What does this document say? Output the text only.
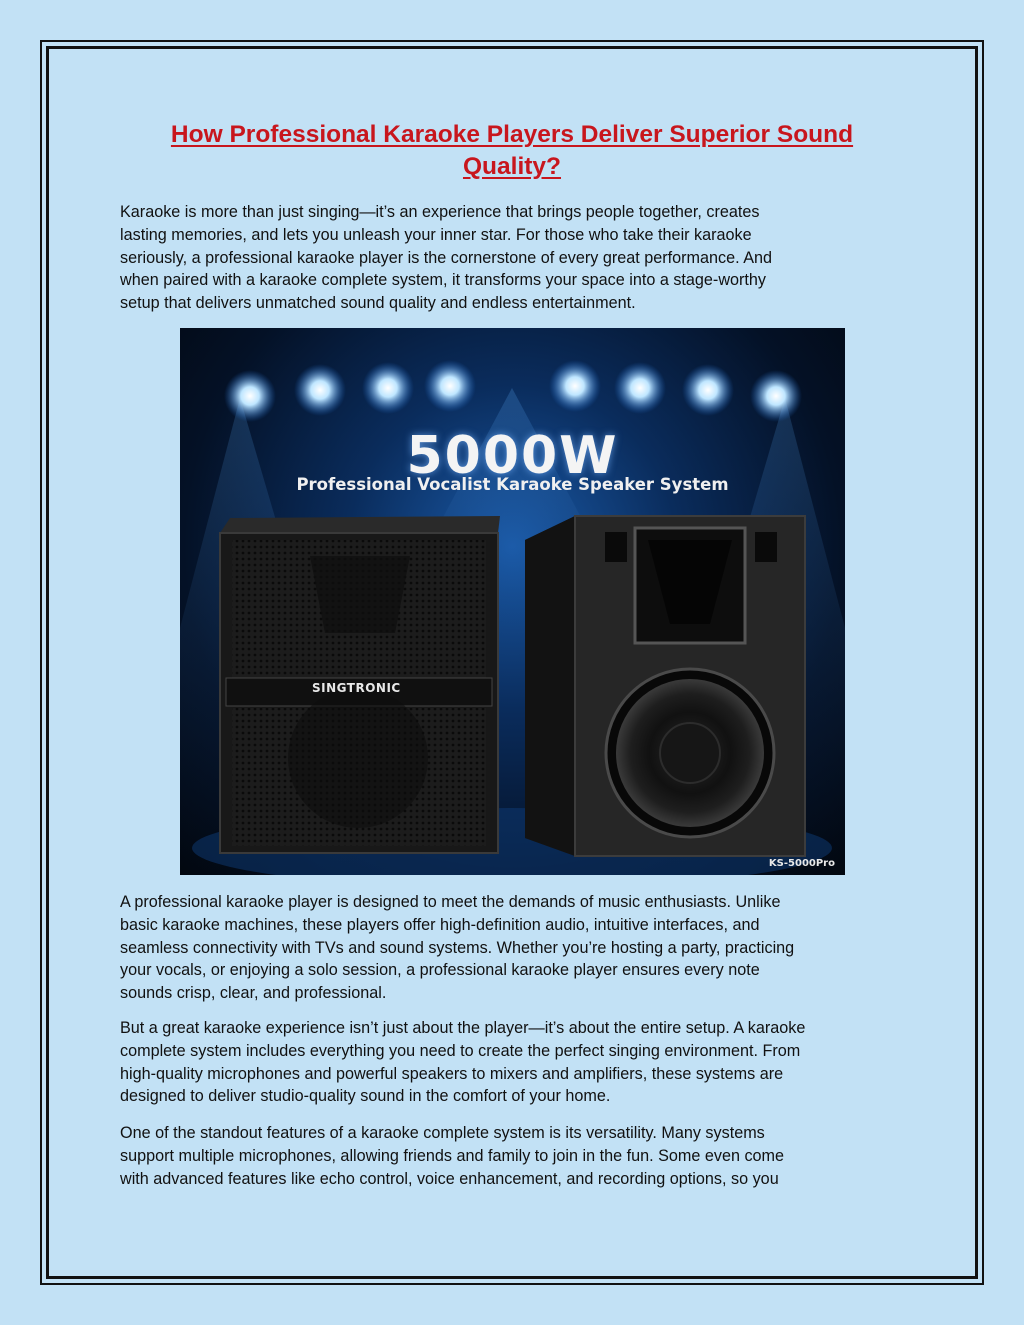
How Professional Karaoke Players Deliver Superior Sound
Quality?

Karaoke is more than just singing—it’s an experience that brings people together, creates
lasting memories, and lets you unleash your inner star. For those who take their karaoke
seriously, a professional karaoke player is the cornerstone of every great performance. And
when paired with a karaoke complete system, it transforms your space into a stage-worthy
setup that delivers unmatched sound quality and endless entertainment.

5000W
Professional Vocalist Karaoke Speaker System
SINGTRONIC
KS-5000Pro

A professional karaoke player is designed to meet the demands of music enthusiasts. Unlike
basic karaoke machines, these players offer high-definition audio, intuitive interfaces, and
seamless connectivity with TVs and sound systems. Whether you’re hosting a party, practicing
your vocals, or enjoying a solo session, a professional karaoke player ensures every note
sounds crisp, clear, and professional.

But a great karaoke experience isn’t just about the player—it’s about the entire setup. A karaoke
complete system includes everything you need to create the perfect singing environment. From
high-quality microphones and powerful speakers to mixers and amplifiers, these systems are
designed to deliver studio-quality sound in the comfort of your home.

One of the standout features of a karaoke complete system is its versatility. Many systems
support multiple microphones, allowing friends and family to join in the fun. Some even come
with advanced features like echo control, voice enhancement, and recording options, so you
